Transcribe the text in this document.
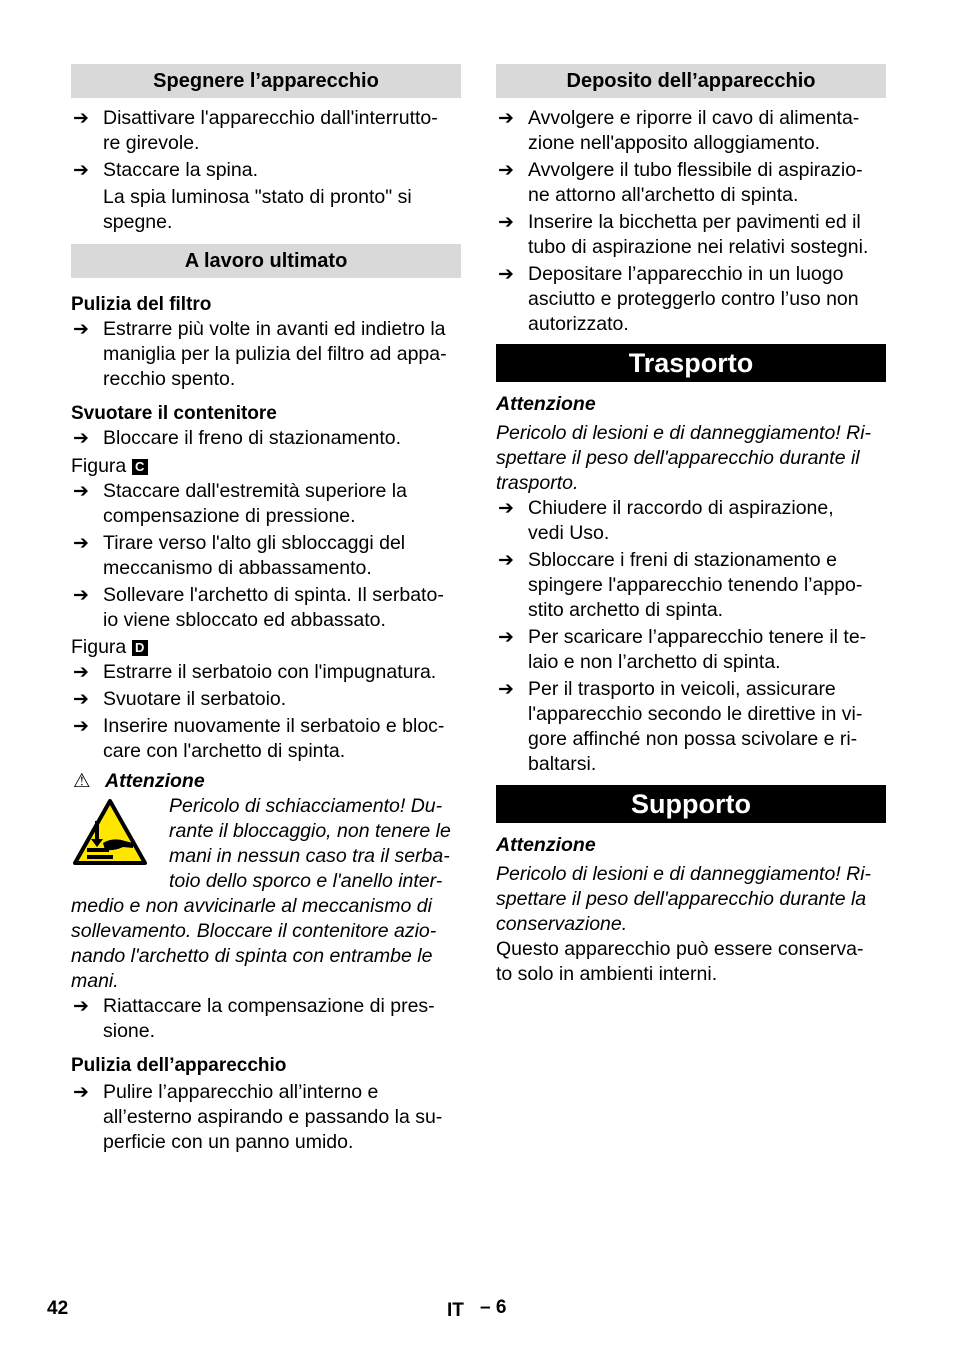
Spegnere l’apparecchio
➔ Disattivare l'apparecchio dall'interrutto-
re girevole.
➔ Staccare la spina.
La spia luminosa "stato di pronto" si
spegne.
A lavoro ultimato
Pulizia del filtro
➔ Estrarre più volte in avanti ed indietro la
maniglia per la pulizia del filtro ad appa-
recchio spento.
Svuotare il contenitore
➔ Bloccare il freno di stazionamento.
Figura C
➔ Staccare dall'estremità superiore la
compensazione di pressione.
➔ Tirare verso l'alto gli sbloccaggi del
meccanismo di abbassamento.
➔ Sollevare l'archetto di spinta. Il serbato-
io viene sbloccato ed abbassato.
Figura D
➔ Estrarre il serbatoio con l'impugnatura.
➔ Svuotare il serbatoio.
➔ Inserire nuovamente il serbatoio e bloc-
care con l'archetto di spinta.
⚠ Attenzione
Pericolo di schiacciamento! Du-
rante il bloccaggio, non tenere le
mani in nessun caso tra il serba-
toio dello sporco e l'anello inter-
medio e non avvicinarle al meccanismo di
sollevamento. Bloccare il contenitore azio-
nando l'archetto di spinta con entrambe le
mani.
➔ Riattaccare la compensazione di pres-
sione.
Pulizia dell’apparecchio
➔ Pulire l’apparecchio all’interno e
all’esterno aspirando e passando la su-
perficie con un panno umido.
Deposito dell’apparecchio
➔ Avvolgere e riporre il cavo di alimenta-
zione nell'apposito alloggiamento.
➔ Avvolgere il tubo flessibile di aspirazio-
ne attorno all'archetto di spinta.
➔ Inserire la bicchetta per pavimenti ed il
tubo di aspirazione nei relativi sostegni.
➔ Depositare l’apparecchio in un luogo
asciutto e proteggerlo contro l’uso non
autorizzato.
Trasporto
Attenzione
Pericolo di lesioni e di danneggiamento! Ri-
spettare il peso dell'apparecchio durante il
trasporto.
➔ Chiudere il raccordo di aspirazione,
vedi Uso.
➔ Sbloccare i freni di stazionamento e
spingere l'apparecchio tenendo l’appo-
stito archetto di spinta.
➔ Per scaricare l’apparecchio tenere il te-
laio e non l’archetto di spinta.
➔ Per il trasporto in veicoli, assicurare
l'apparecchio secondo le direttive in vi-
gore affinché non possa scivolare e ri-
baltarsi.
Supporto
Attenzione
Pericolo di lesioni e di danneggiamento! Ri-
spettare il peso dell'apparecchio durante la
conservazione.
Questo apparecchio può essere conserva-
to solo in ambienti interni.
42	IT – 6
